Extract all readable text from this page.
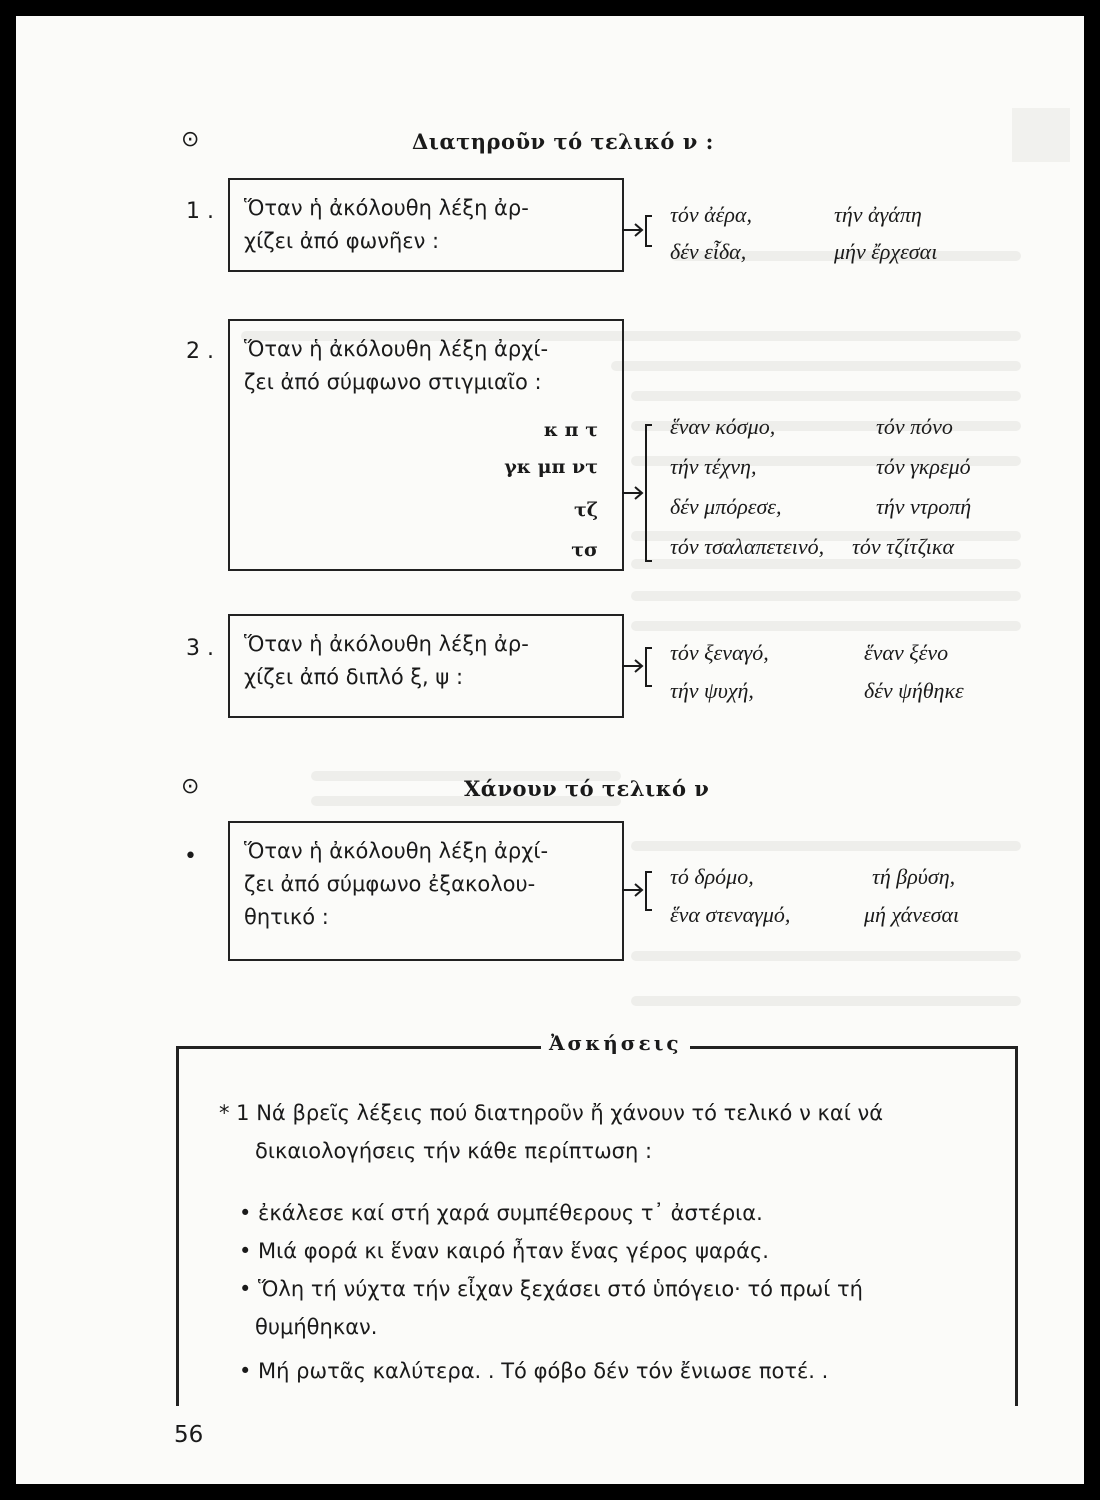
⊙	Διατηροῦν τό τελικό ν :
1 . Ὅταν ἡ ἀκόλουθη λέξη ἀρ-
χίζει ἀπό φωνῆεν :
τόν ἀέρα,	τήν ἀγάπη
δέν εἶδα,	μήν ἔρχεσαι
2 . Ὅταν ἡ ἀκόλουθη λέξη ἀρχί-
ζει ἀπό σύμφωνο στιγμιαῖο :
κ π τ
γκ μπ ντ
τζ
τσ
ἕναν κόσμο,	τόν πόνο
τήν τέχνη,	τόν γκρεμό
δέν μπόρεσε,	τήν ντροπή
τόν τσαλαπετεινό, τόν τζίτζικα
3 . Ὅταν ἡ ἀκόλουθη λέξη ἀρ-
χίζει ἀπό διπλό ξ, ψ :
τόν ξεναγό,	ἕναν ξένο
τήν ψυχή,	δέν ψήθηκε
⊙	Χάνουν τό τελικό ν
• Ὅταν ἡ ἀκόλουθη λέξη ἀρχί-
ζει ἀπό σύμφωνο ἐξακολου-
θητικό :
τό δρόμο,	τή βρύση,
ἕνα στεναγμό,	μή χάνεσαι
Ἀσκήσεις
* 1 Νά βρεῖς λέξεις πού διατηροῦν ἤ χάνουν τό τελικό ν καί νά
δικαιολογήσεις τήν κάθε περίπτωση :
• ἐκάλεσε καί στή χαρά συμπέθερους τ᾿ ἀστέρια.
• Μιά φορά κι ἕναν καιρό ἦταν ἕνας γέρος ψαράς.
• Ὅλη τή νύχτα τήν εἶχαν ξεχάσει στό ὑπόγειο· τό πρωί τή
θυμήθηκαν.
• Μή ρωτᾶς καλύτερα. . Τό φόβο δέν τόν ἔνιωσε ποτέ. .
56
